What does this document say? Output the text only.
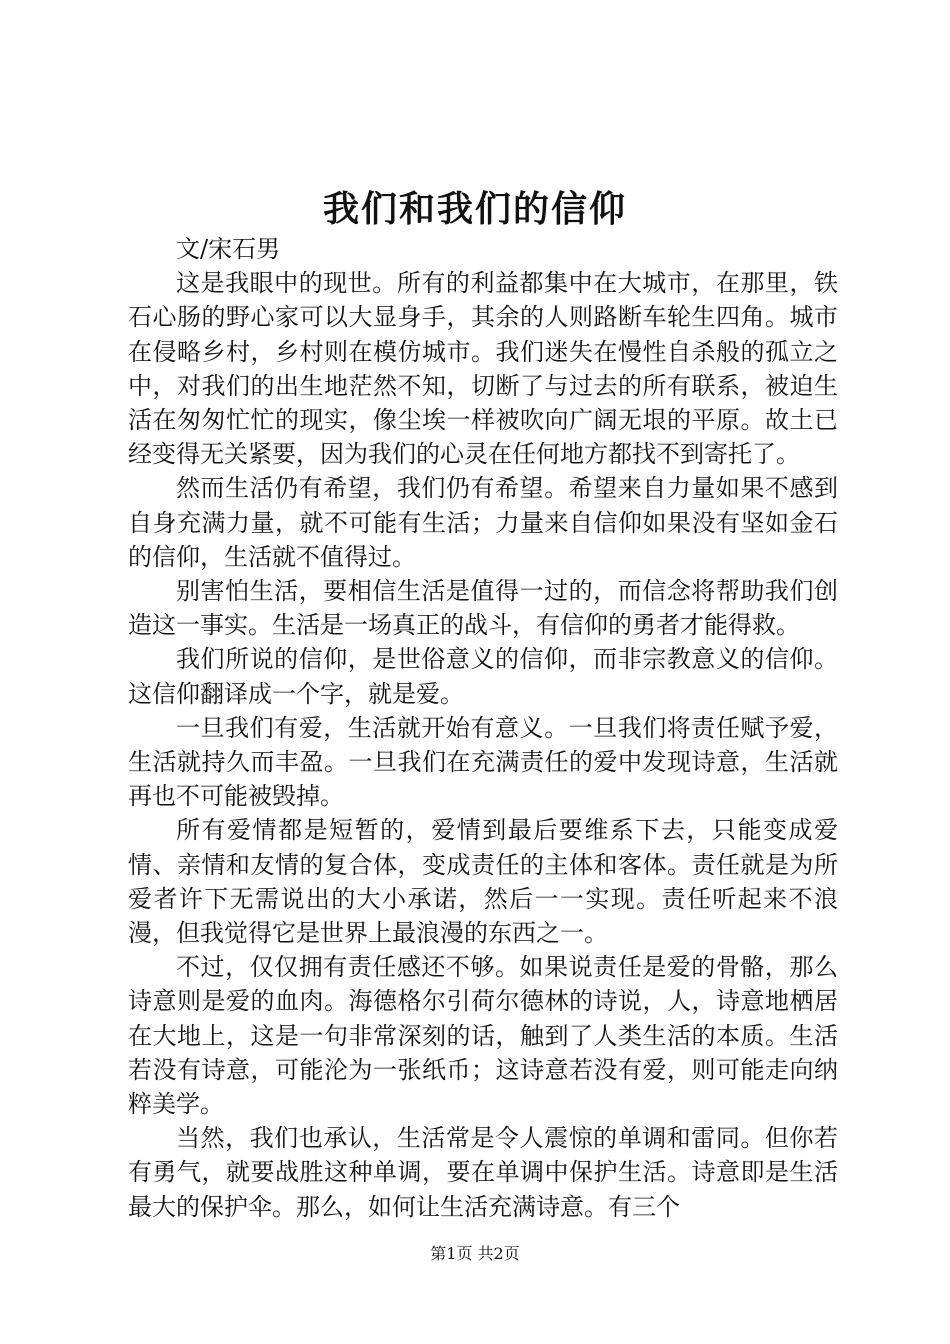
我们和我们的信仰

文/宋石男

这是我眼中的现世。所有的利益都集中在大城市，在那里，铁石心肠的野心家可以大显身手，其余的人则路断车轮生四角。城市在侵略乡村，乡村则在模仿城市。我们迷失在慢性自杀般的孤立之中，对我们的出生地茫然不知，切断了与过去的所有联系，被迫生活在匆匆忙忙的现实，像尘埃一样被吹向广阔无垠的平原。故土已经变得无关紧要，因为我们的心灵在任何地方都找不到寄托了。

然而生活仍有希望，我们仍有希望。希望来自力量如果不感到自身充满力量，就不可能有生活；力量来自信仰如果没有坚如金石的信仰，生活就不值得过。

别害怕生活，要相信生活是值得一过的，而信念将帮助我们创造这一事实。生活是一场真正的战斗，有信仰的勇者才能得救。

我们所说的信仰，是世俗意义的信仰，而非宗教意义的信仰。这信仰翻译成一个字，就是爱。

一旦我们有爱，生活就开始有意义。一旦我们将责任赋予爱，生活就持久而丰盈。一旦我们在充满责任的爱中发现诗意，生活就再也不可能被毁掉。

所有爱情都是短暂的，爱情到最后要维系下去，只能变成爱情、亲情和友情的复合体，变成责任的主体和客体。责任就是为所爱者许下无需说出的大小承诺，然后一一实现。责任听起来不浪漫，但我觉得它是世界上最浪漫的东西之一。

不过，仅仅拥有责任感还不够。如果说责任是爱的骨骼，那么诗意则是爱的血肉。海德格尔引荷尔德林的诗说，人，诗意地栖居在大地上，这是一句非常深刻的话，触到了人类生活的本质。生活若没有诗意，可能沦为一张纸币；这诗意若没有爱，则可能走向纳粹美学。

当然，我们也承认，生活常是令人震惊的单调和雷同。但你若有勇气，就要战胜这种单调，要在单调中保护生活。诗意即是生活最大的保护伞。那么，如何让生活充满诗意。有三个

第1页 共2页
